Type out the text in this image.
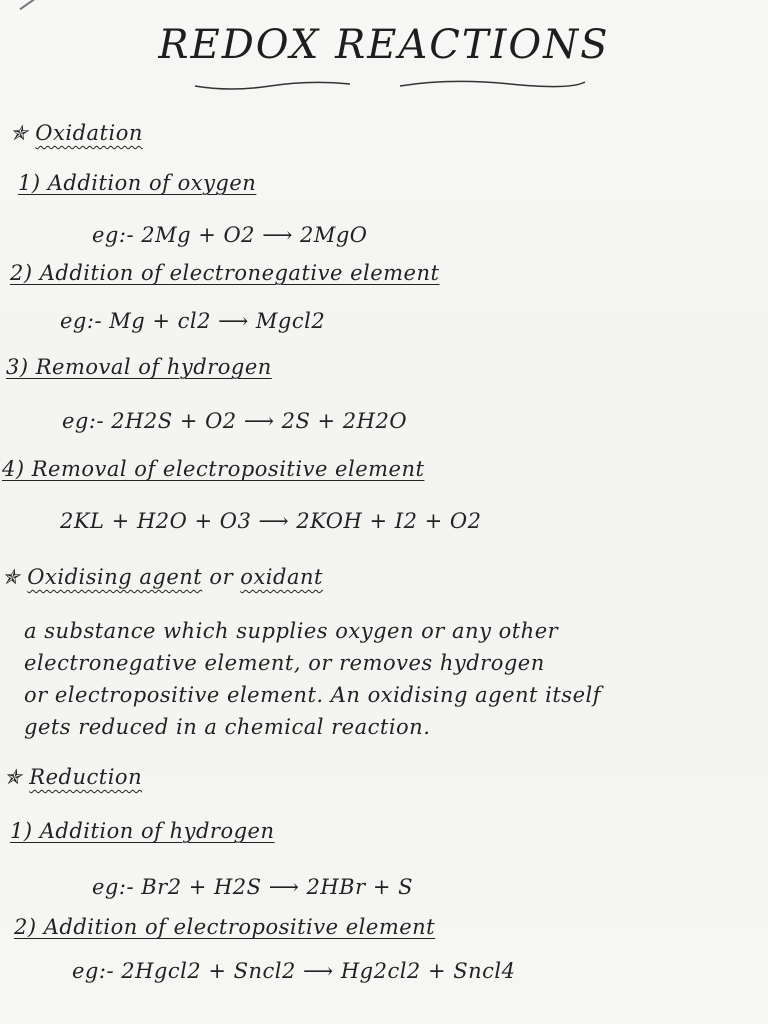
REDOX REACTIONS
✯ Oxidation
1) Addition of oxygen
eg:- 2Mg + O2 ⟶ 2MgO
2) Addition of electronegative element
eg:- Mg + cl2 ⟶ Mgcl2
3) Removal of hydrogen
eg:- 2H2S + O2 ⟶ 2S + 2H2O
4) Removal of electropositive element
2KL + H2O + O3 ⟶ 2KOH + I2 + O2
✯ Oxidising agent or oxidant
a substance which supplies oxygen or any other
electronegative element, or removes hydrogen
or electropositive element. An oxidising agent itself
gets reduced in a chemical reaction.
✯ Reduction
1) Addition of hydrogen
eg:- Br2 + H2S ⟶ 2HBr + S
2) Addition of electropositive element
eg:- 2Hgcl2 + Sncl2 ⟶ Hg2cl2 + Sncl4
